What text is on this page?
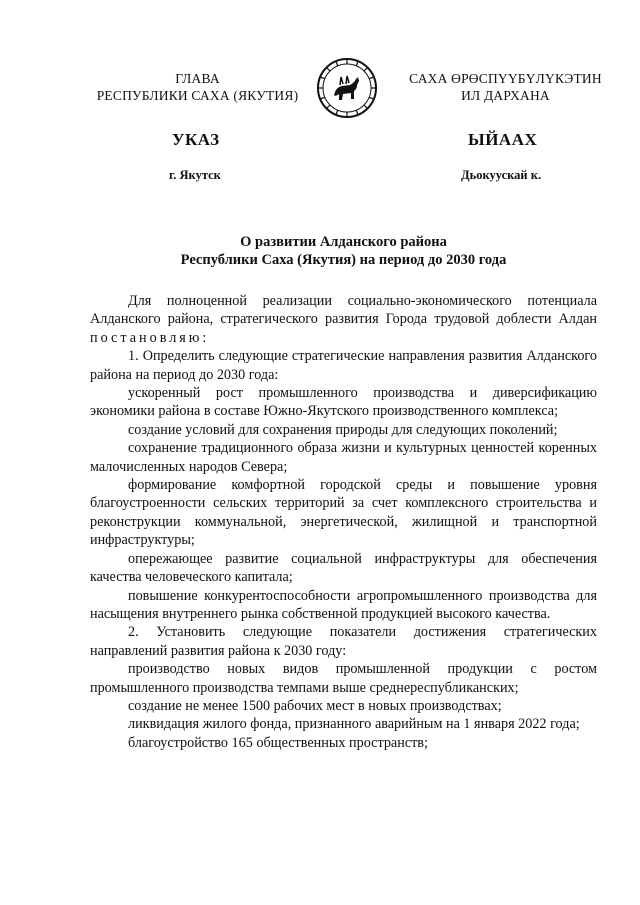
ГЛАВА
РЕСПУБЛИКИ САХА (ЯКУТИЯ)
САХА ӨРӨСПҮҮБҮЛҮКЭТИН
ИЛ ДАРХАНА
УКАЗ	ЫЙААХ
г. Якутск	Дьокуускай к.
О развитии Алданского района
Республики Саха (Якутия) на период до 2030 года

Для полноценной реализации социально-экономического потенциала Алданского района, стратегического развития Города трудовой доблести Алдан постановляю:

1. Определить следующие стратегические направления развития Алданского района на период до 2030 года:

ускоренный рост промышленного производства и диверсификацию экономики района в составе Южно-Якутского производственного комплекса;

создание условий для сохранения природы для следующих поколений;

сохранение традиционного образа жизни и культурных ценностей коренных малочисленных народов Севера;

формирование комфортной городской среды и повышение уровня благоустроенности сельских территорий за счет комплексного строительства и реконструкции коммунальной, энергетической, жилищной и транспортной инфраструктуры;

опережающее развитие социальной инфраструктуры для обеспечения качества человеческого капитала;

повышение конкурентоспособности агропромышленного производства для насыщения внутреннего рынка собственной продукцией высокого качества.

2. Установить следующие показатели достижения стратегических направлений развития района к 2030 году:

производство новых видов промышленной продукции с ростом промышленного производства темпами выше среднереспубликанских;

создание не менее 1500 рабочих мест в новых производствах;

ликвидация жилого фонда, признанного аварийным на 1 января 2022 года;

благоустройство 165 общественных пространств;
